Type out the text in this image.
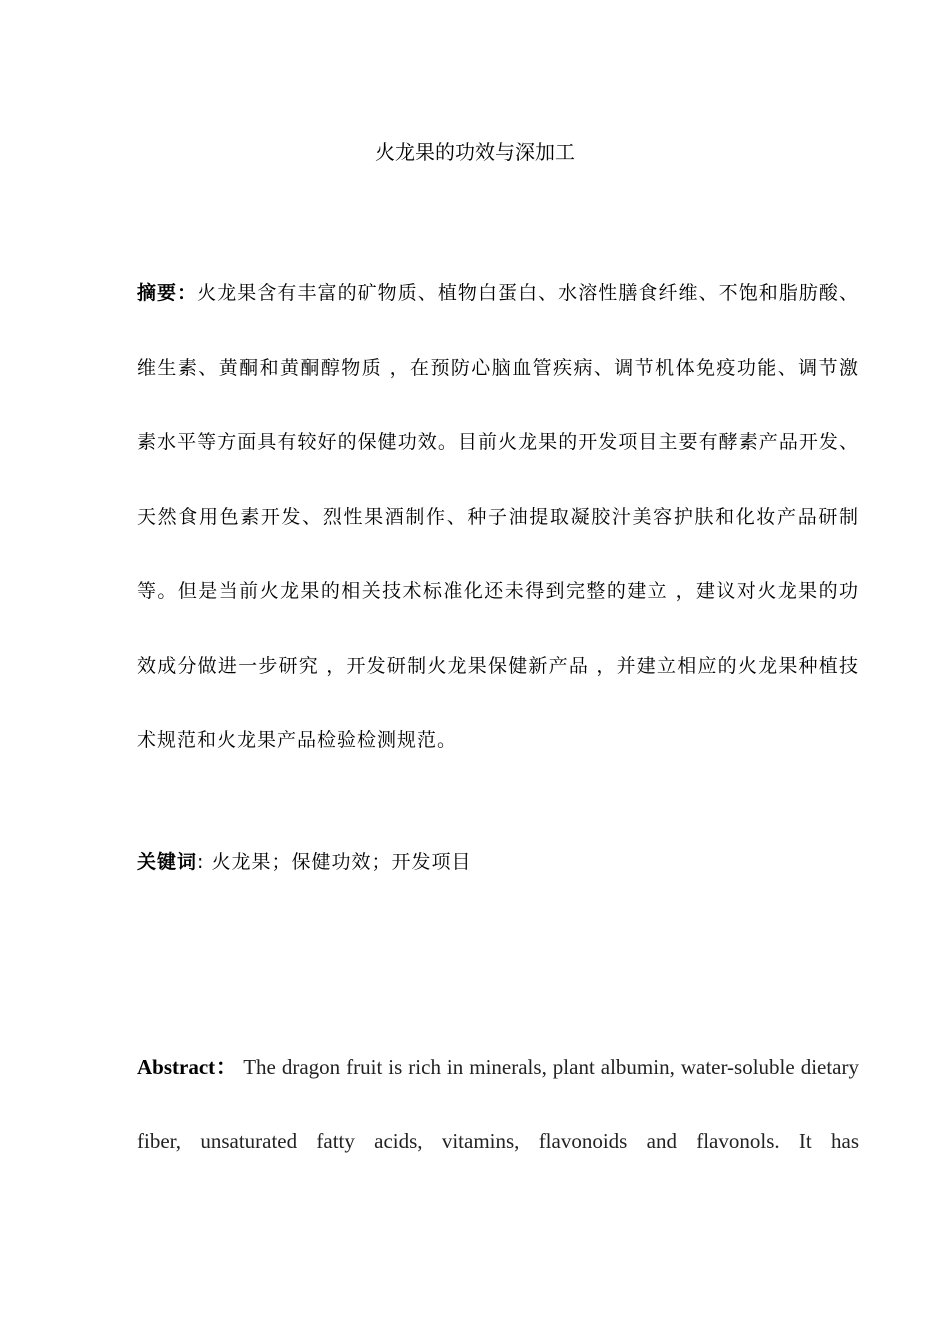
火龙果的功效与深加工

摘要：火龙果含有丰富的矿物质、植物白蛋白、水溶性膳食纤维、不饱和脂肪酸、维生素、黄酮和黄酮醇物质 ，在预防心脑血管疾病、调节机体免疫功能、调节激素水平等方面具有较好的保健功效。目前火龙果的开发项目主要有酵素产品开发、天然食用色素开发、烈性果酒制作、种子油提取凝胶汁美容护肤和化妆产品研制等。但是当前火龙果的相关技术标准化还未得到完整的建立 ，建议对火龙果的功效成分做进一步研究 ，开发研制火龙果保健新产品 ，并建立相应的火龙果种植技术规范和火龙果产品检验检测规范。

关键词: 火龙果；保健功效；开发项目

Abstract： The dragon fruit is rich in minerals, plant albumin, water-soluble dietary fiber, unsaturated fatty acids, vitamins, flavonoids and flavonols. It has
